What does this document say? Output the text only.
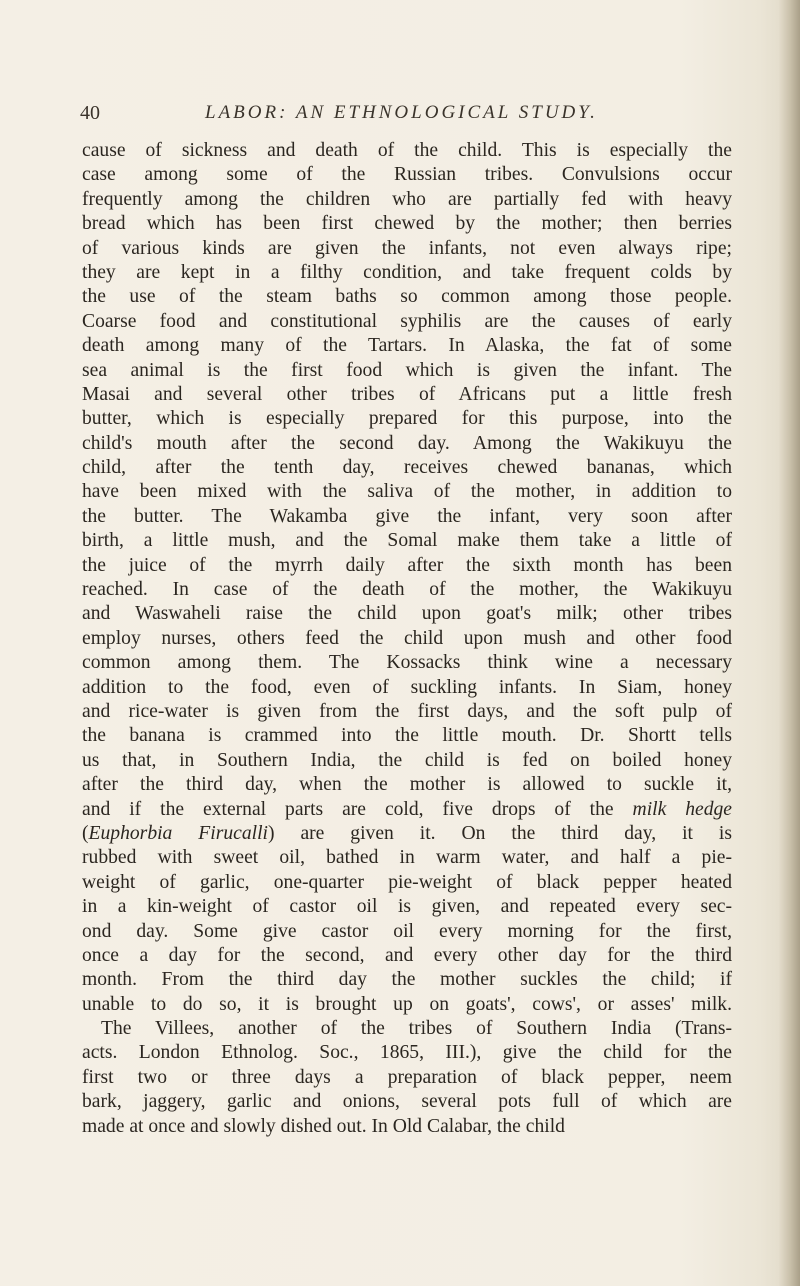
40	LABOR: AN ETHNOLOGICAL STUDY.
cause of sickness and death of the child. This is especially the
case among some of the Russian tribes. Convulsions occur
frequently among the children who are partially fed with heavy
bread which has been first chewed by the mother; then berries
of various kinds are given the infants, not even always ripe;
they are kept in a filthy condition, and take frequent colds by
the use of the steam baths so common among those people.
Coarse food and constitutional syphilis are the causes of early
death among many of the Tartars. In Alaska, the fat of some
sea animal is the first food which is given the infant. The
Masai and several other tribes of Africans put a little fresh
butter, which is especially prepared for this purpose, into the
child's mouth after the second day. Among the Wakikuyu the
child, after the tenth day, receives chewed bananas, which
have been mixed with the saliva of the mother, in addition to
the butter. The Wakamba give the infant, very soon after
birth, a little mush, and the Somal make them take a little of
the juice of the myrrh daily after the sixth month has been
reached. In case of the death of the mother, the Wakikuyu
and Waswaheli raise the child upon goat's milk; other tribes
employ nurses, others feed the child upon mush and other food
common among them. The Kossacks think wine a necessary
addition to the food, even of suckling infants. In Siam, honey
and rice-water is given from the first days, and the soft pulp of
the banana is crammed into the little mouth. Dr. Shortt tells
us that, in Southern India, the child is fed on boiled honey
after the third day, when the mother is allowed to suckle it,
and if the external parts are cold, five drops of the milk hedge
(Euphorbia Firucalli) are given it. On the third day, it is
rubbed with sweet oil, bathed in warm water, and half a pie-
weight of garlic, one-quarter pie-weight of black pepper heated
in a kin-weight of castor oil is given, and repeated every sec-
ond day. Some give castor oil every morning for the first,
once a day for the second, and every other day for the third
month. From the third day the mother suckles the child; if
unable to do so, it is brought up on goats', cows', or asses' milk.
The Villees, another of the tribes of Southern India (Trans-
acts. London Ethnolog. Soc., 1865, III.), give the child for the
first two or three days a preparation of black pepper, neem
bark, jaggery, garlic and onions, several pots full of which are
made at once and slowly dished out. In Old Calabar, the child
